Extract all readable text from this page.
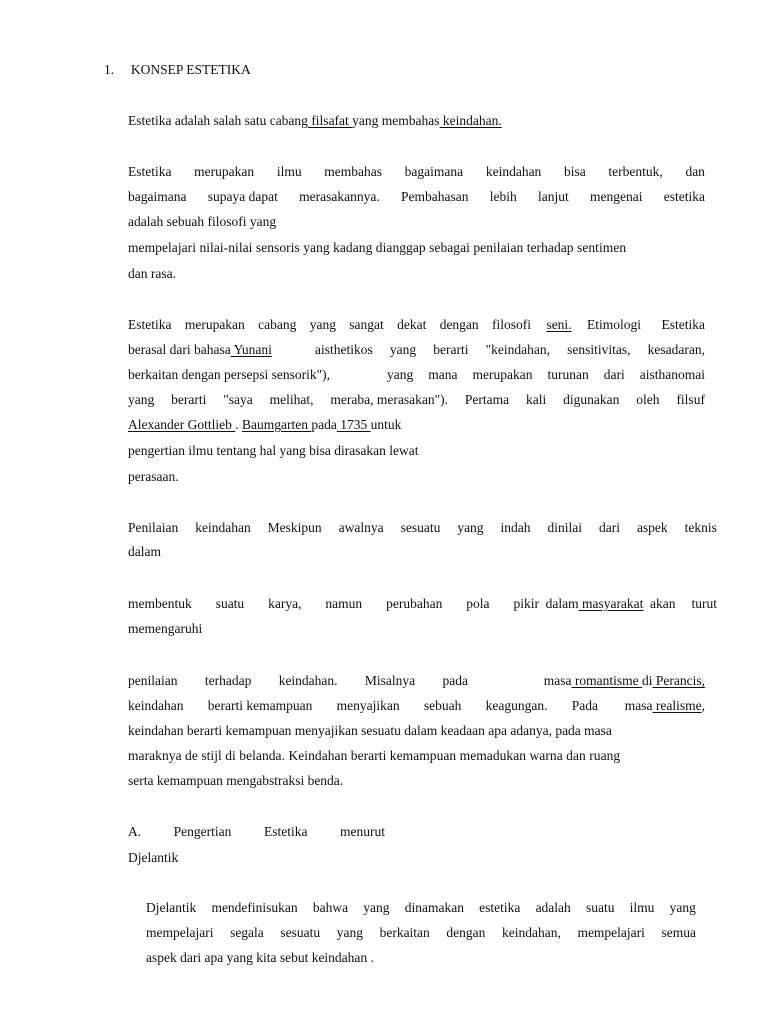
1. KONSEP ESTETIKA
Estetika adalah salah satu cabang filsafat yang membahas keindahan.
Estetika merupakan ilmu membahas bagaimana keindahan bisa terbentuk, dan
bagaimana supaya dapat merasakannya. Pembahasan lebih lanjut mengenai estetika
adalah sebuah filosofi yang
mempelajari nilai-nilai sensoris yang kadang dianggap sebagai penilaian terhadap sentimen
dan rasa.
Estetika merupakan cabang yang sangat dekat dengan filosofi seni. Etimologi Estetika
berasal dari bahasa Yunani	aisthetikos yang berarti "keindahan, sensitivitas, kesadaran,
berkaitan dengan persepsi sensorik"),	yang mana merupakan turunan dari aisthanomai
yang berarti "saya melihat, meraba, merasakan"). Pertama kali digunakan oleh filsuf
Alexander Gottlieb . Baumgarten pada 1735 untuk
pengertian ilmu tentang hal yang bisa dirasakan lewat
perasaan.
Penilaian keindahan Meskipun awalnya sesuatu yang indah dinilai dari aspek teknis
dalam
membentuk suatu karya, namun perubahan pola pikir dalam masyarakat akan turut
memengaruhi
penilaian terhadap keindahan. Misalnya pada	masa romantisme di Perancis,
keindahan berarti kemampuan menyajikan sebuah keagungan. Pada masa realisme,
keindahan berarti kemampuan menyajikan sesuatu dalam keadaan apa adanya, pada masa
maraknya de stijl di belanda. Keindahan berarti kemampuan memadukan warna dan ruang
serta kemampuan mengabstraksi benda.
A. Pengertian Estetika menurut
Djelantik
Djelantik mendefinisukan bahwa yang dinamakan estetika adalah suatu ilmu yang
mempelajari segala sesuatu yang berkaitan dengan keindahan, mempelajari semua
aspek dari apa yang kita sebut keindahan .
